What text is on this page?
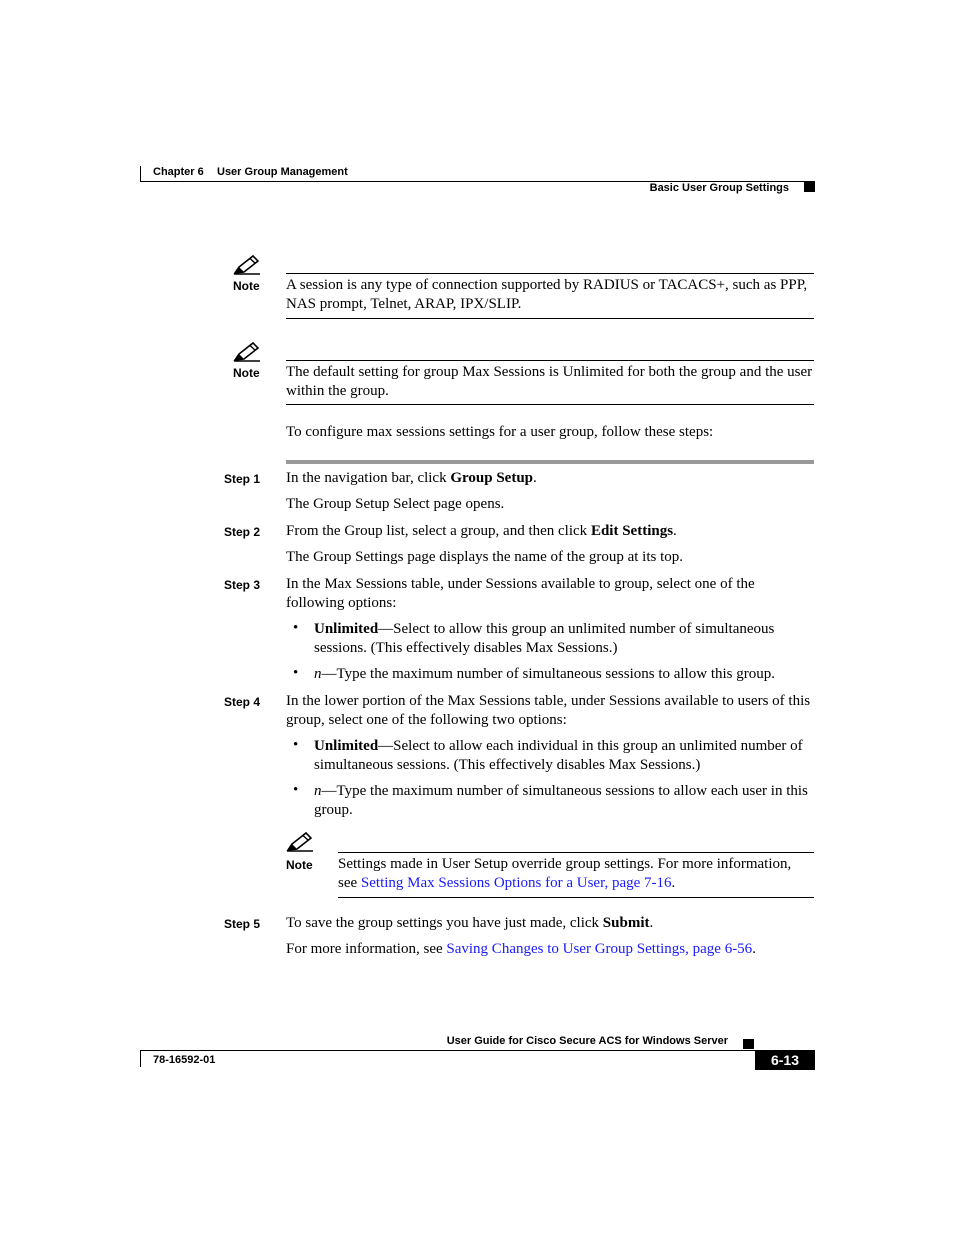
Chapter 6 User Group Management
Basic User Group Settings
Note A session is any type of connection supported by RADIUS or TACACS+, such as PPP, NAS prompt, Telnet, ARAP, IPX/SLIP.
Note The default setting for group Max Sessions is Unlimited for both the group and the user within the group.
To configure max sessions settings for a user group, follow these steps:
Step 1 In the navigation bar, click Group Setup.
The Group Setup Select page opens.
Step 2 From the Group list, select a group, and then click Edit Settings.
The Group Settings page displays the name of the group at its top.
Step 3 In the Max Sessions table, under Sessions available to group, select one of the following options:
• Unlimited—Select to allow this group an unlimited number of simultaneous sessions. (This effectively disables Max Sessions.)
• n—Type the maximum number of simultaneous sessions to allow this group.
Step 4 In the lower portion of the Max Sessions table, under Sessions available to users of this group, select one of the following two options:
• Unlimited—Select to allow each individual in this group an unlimited number of simultaneous sessions. (This effectively disables Max Sessions.)
• n—Type the maximum number of simultaneous sessions to allow each user in this group.
Note Settings made in User Setup override group settings. For more information, see Setting Max Sessions Options for a User, page 7-16.
Step 5 To save the group settings you have just made, click Submit.
For more information, see Saving Changes to User Group Settings, page 6-56.
User Guide for Cisco Secure ACS for Windows Server
78-16592-01	6-13
